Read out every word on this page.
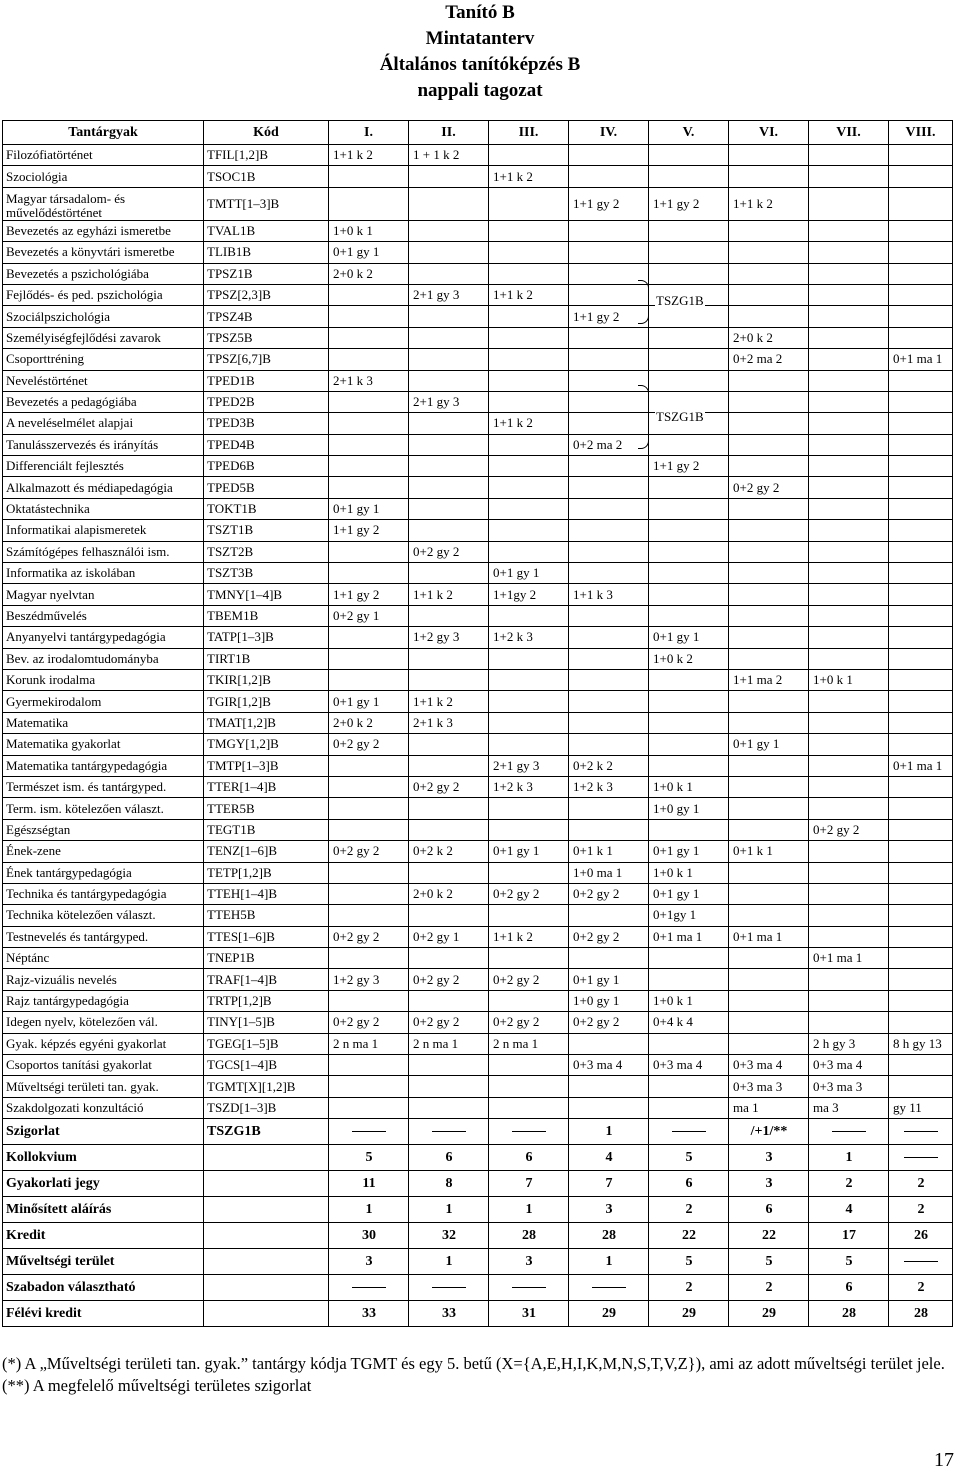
Tanító B
Mintatanterv
Általános tanítóképzés B
nappali tagozat
Tantárgyak	Kód	I.	II.	III.	IV.	V.	VI.	VII.	VIII.
Filozófiatörténet	TFIL[1,2]B	1+1 k 2	1 + 1 k 2						
Szociológia	TSOC1B			1+1 k 2					
Magyar társadalom- és művelődéstörténet	TMTT[1–3]B				1+1 gy 2	1+1 gy 2	1+1 k 2		
Bevezetés az egyházi ismeretbe	TVAL1B	1+0 k 1							
Bevezetés a könyvtári ismeretbe	TLIB1B	0+1 gy 1							
Bevezetés a pszichológiába	TPSZ1B	2+0 k 2							
Fejlődés- és ped. pszichológia	TPSZ[2,3]B		2+1 gy 3	1+1 k 2					
Szociálpszichológia	TPSZ4B				1+1 gy 2				
Személyiségfejlődési zavarok	TPSZ5B						2+0 k 2		
Csoporttréning	TPSZ[6,7]B						0+2 ma 2		0+1 ma 1
Neveléstörténet	TPED1B	2+1 k 3							
Bevezetés a pedagógiába	TPED2B		2+1 gy 3						
A neveléselmélet alapjai	TPED3B			1+1 k 2					
Tanulásszervezés és irányítás	TPED4B				0+2 ma 2				
Differenciált fejlesztés	TPED6B					1+1 gy 2			
Alkalmazott és médiapedagógia	TPED5B						0+2 gy 2		
Oktatástechnika	TOKT1B	0+1 gy 1							
Informatikai alapismeretek	TSZT1B	1+1 gy 2							
Számítógépes felhasználói ism.	TSZT2B		0+2 gy 2						
Informatika az iskolában	TSZT3B			0+1 gy 1					
Magyar nyelvtan	TMNY[1–4]B	1+1 gy 2	1+1 k 2	1+1gy 2	1+1 k 3				
Beszédművelés	TBEM1B	0+2 gy 1							
Anyanyelvi tantárgypedagógia	TATP[1–3]B		1+2 gy 3	1+2 k 3		0+1 gy 1			
Bev. az irodalomtudományba	TIRT1B					1+0 k 2			
Korunk irodalma	TKIR[1,2]B						1+1 ma 2	1+0 k 1	
Gyermekirodalom	TGIR[1,2]B	0+1 gy 1	1+1 k 2						
Matematika	TMAT[1,2]B	2+0 k 2	2+1 k 3						
Matematika gyakorlat	TMGY[1,2]B	0+2 gy 2					0+1 gy 1		
Matematika tantárgypedagógia	TMTP[1–3]B			2+1 gy 3	0+2 k 2				0+1 ma 1
Természet ism. és tantárgyped.	TTER[1–4]B		0+2 gy 2	1+2 k 3	1+2 k 3	1+0 k 1			
Term. ism. kötelezően választ.	TTER5B					1+0 gy 1			
Egészségtan	TEGT1B							0+2 gy 2	
Ének-zene	TENZ[1–6]B	0+2 gy 2	0+2 k 2	0+1 gy 1	0+1 k 1	0+1 gy 1	0+1 k 1		
Ének tantárgypedagógia	TETP[1,2]B				1+0 ma 1	1+0 k 1			
Technika és tantárgypedagógia	TTEH[1–4]B		2+0 k 2	0+2 gy 2	0+2 gy 2	0+1 gy 1			
Technika kötelezően választ.	TTEH5B					0+1gy 1			
Testnevelés és tantárgyped.	TTES[1–6]B	0+2 gy 2	0+2 gy 1	1+1 k 2	0+2 gy 2	0+1 ma 1	0+1 ma 1		
Néptánc	TNEP1B							0+1 ma 1	
Rajz-vizuális nevelés	TRAF[1–4]B	1+2 gy 3	0+2 gy 2	0+2 gy 2	0+1 gy 1				
Rajz tantárgypedagógia	TRTP[1,2]B				1+0 gy 1	1+0 k 1			
Idegen nyelv, kötelezően vál.	TINY[1–5]B	0+2 gy 2	0+2 gy 2	0+2 gy 2	0+2 gy 2	0+4 k 4			
Gyak. képzés egyéni gyakorlat	TGEG[1–5]B	2 n ma 1	2 n ma 1	2 n ma 1				2 h gy 3	8 h gy 13
Csoportos tanítási gyakorlat	TGCS[1–4]B				0+3 ma 4	0+3 ma 4	0+3 ma 4	0+3 ma 4	
Műveltségi területi tan. gyak.	TGMT[X][1,2]B						0+3 ma 3	0+3 ma 3	
Szakdolgozati konzultáció	TSZD[1–3]B						ma 1	ma 3	gy 11
Szigorlat	TSZG1B				1		/+1/**		
Kollokvium		5	6	6	4	5	3	1	
Gyakorlati jegy		11	8	7	7	6	3	2	2
Minősített aláírás		1	1	1	3	2	6	4	2
Kredit		30	32	28	28	22	22	17	26
Műveltségi terület		3	1	3	1	5	5	5	
Szabadon választható						2	2	6	2
Félévi kredit		33	33	31	29	29	29	28	28
TSZG1B
TSZG1B
(*) A „Műveltségi területi tan. gyak.” tantárgy kódja TGMT és egy 5. betű (X={A,E,H,I,K,M,N,S,T,V,Z}), ami az adott műveltségi terület jele.
(**) A megfelelő műveltségi területes szigorlat
17
